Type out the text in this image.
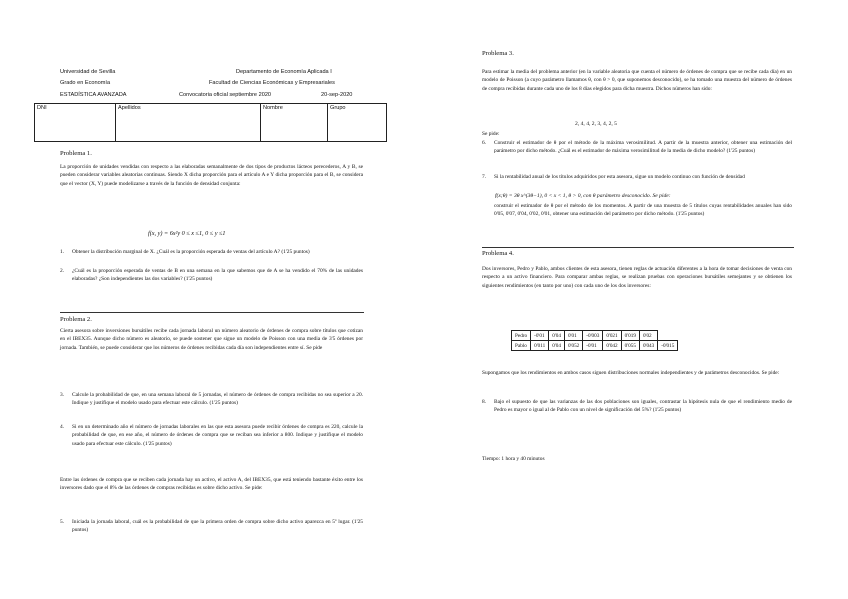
Universidad de Sevilla
Grado en Economía
ESTADÍSTICA AVANZADA
Departamento de Economía Aplicada I
Facultad de Ciencias Económicas y Empresariales
Convocatoria oficial septiembre 2020	20-sep-2020
DNI	Apellidos	Nombre	Grupo
Problema 1.
La proporción de unidades vendidas con respecto a las elaboradas semanalmente de dos tipos de productos lácteos perecederos, A y B, se pueden considerar variables aleatorias continuas. Siendo X dicha proporción para el artículo A e Y dicha proporción para el B, se considera que el vector (X, Y) puede modelizarse a través de la función de densidad conjunta:
f(x, y) = 6x²y 0 ≤ x ≤1, 0 ≤ y ≤1
1. Obtener la distribución marginal de X. ¿Cuál es la proporción esperada de ventas del artículo A? (1'25 puntos)
2. ¿Cuál es la proporción esperada de ventas de B en una semana en la que sabemos que de A se ha vendido el 70% de las unidades elaboradas? ¿Son independientes las dos variables? (1'25 puntos)
Problema 2.
Cierta asesora sobre inversiones bursátiles recibe cada jornada laboral un número aleatorio de órdenes de compra sobre títulos que cotizan en el IBEX35. Aunque dicho número es aleatorio, se puede sostener que sigue un modelo de Poisson con una media de 3'5 órdenes por jornada. También, se puede considerar que los números de órdenes recibidas cada día son independientes entre sí. Se pide
3. Calcule la probabilidad de que, en una semana laboral de 5 jornadas, el número de órdenes de compra recibidas no sea superior a 20. Indique y justifique el modelo usado para efectuar este cálculo. (1'25 puntos)
4. Si en un determinado año el número de jornadas laborales en las que esta asesora puede recibir órdenes de compra es 220, calcule la probabilidad de que, en ese año, el número de órdenes de compra que se reciban sea inferior a 800. Indique y justifique el modelo usado para efectuar este cálculo. (1'25 puntos)
Entre las órdenes de compra que se reciben cada jornada hay un activo, el activo A, del IBEX35, que está teniendo bastante éxito entre los inversores dado que el 8% de las órdenes de compras recibidas es sobre dicho activo. Se pide:
5. Iniciada la jornada laboral, cuál es la probabilidad de que la primera orden de compra sobre dicho activo aparezca en 5º lugar. (1'25 puntos)
Problema 3.
Para estimar la media del problema anterior (en la variable aleatoria que cuenta el número de órdenes de compra que se recibe cada día) en un modelo de Poisson (a cuyo parámetro llamamos θ, con θ > 0, que suponemos desconocido), se ha tomado una muestra del número de órdenes de compra recibidas durante cada uno de los 8 días elegidos para dicha muestra. Dichos números han sido:
2, 4, 4, 2, 3, 4, 2, 5
Se pide:
6. Construir el estimador de θ por el método de la máxima verosimilitud. A partir de la muestra anterior, obtener una estimación del parámetro por dicho método. ¿Cuál es el estimador de máxima verosimilitud de la media de dicho modelo? (1'25 puntos)
7. Si la rentabilidad anual de los títulos adquiridos por esta asesora, sigue un modelo continuo con función de densidad
f(x;θ) = 3θ x^(3θ−1), 0 < x < 1, θ > 0, con θ parámetro desconocido. Se pide:
construir el estimador de θ por el método de los momentos. A partir de una muestra de 5 títulos cuyas rentabilidades anuales han sido 0'05, 0'07, 0'04, 0'02, 0'01, obtener una estimación del parámetro por dicho método. (1'25 puntos)
Problema 4.
Dos inversores, Pedro y Pablo, ambos clientes de esta asesora, tienen reglas de actuación diferentes a la hora de tomar decisiones de venta con respecto a un activo financiero. Para comparar ambas reglas, se realizan pruebas con operaciones bursátiles semejantes y se obtienen los siguientes rendimientos (en tanto por uno) con cada uno de los dos inversores:
Pedro	-0'01	0'04	0'01	-0'003	0'021	0'019	0'02	
Pablo	0'011	0'04	0'052	-0'01	0'042	0'055	0'043	-0'015
Supongamos que los rendimientos en ambos casos siguen distribuciones normales independientes y de parámetros desconocidos. Se pide:
8. Bajo el supuesto de que las varianzas de las dos poblaciones son iguales, contrastar la hipótesis nula de que el rendimiento medio de Pedro es mayor o igual al de Pablo con un nivel de significación del 5%? (1'25 puntos)
Tiempo: 1 hora y 40 minutos
